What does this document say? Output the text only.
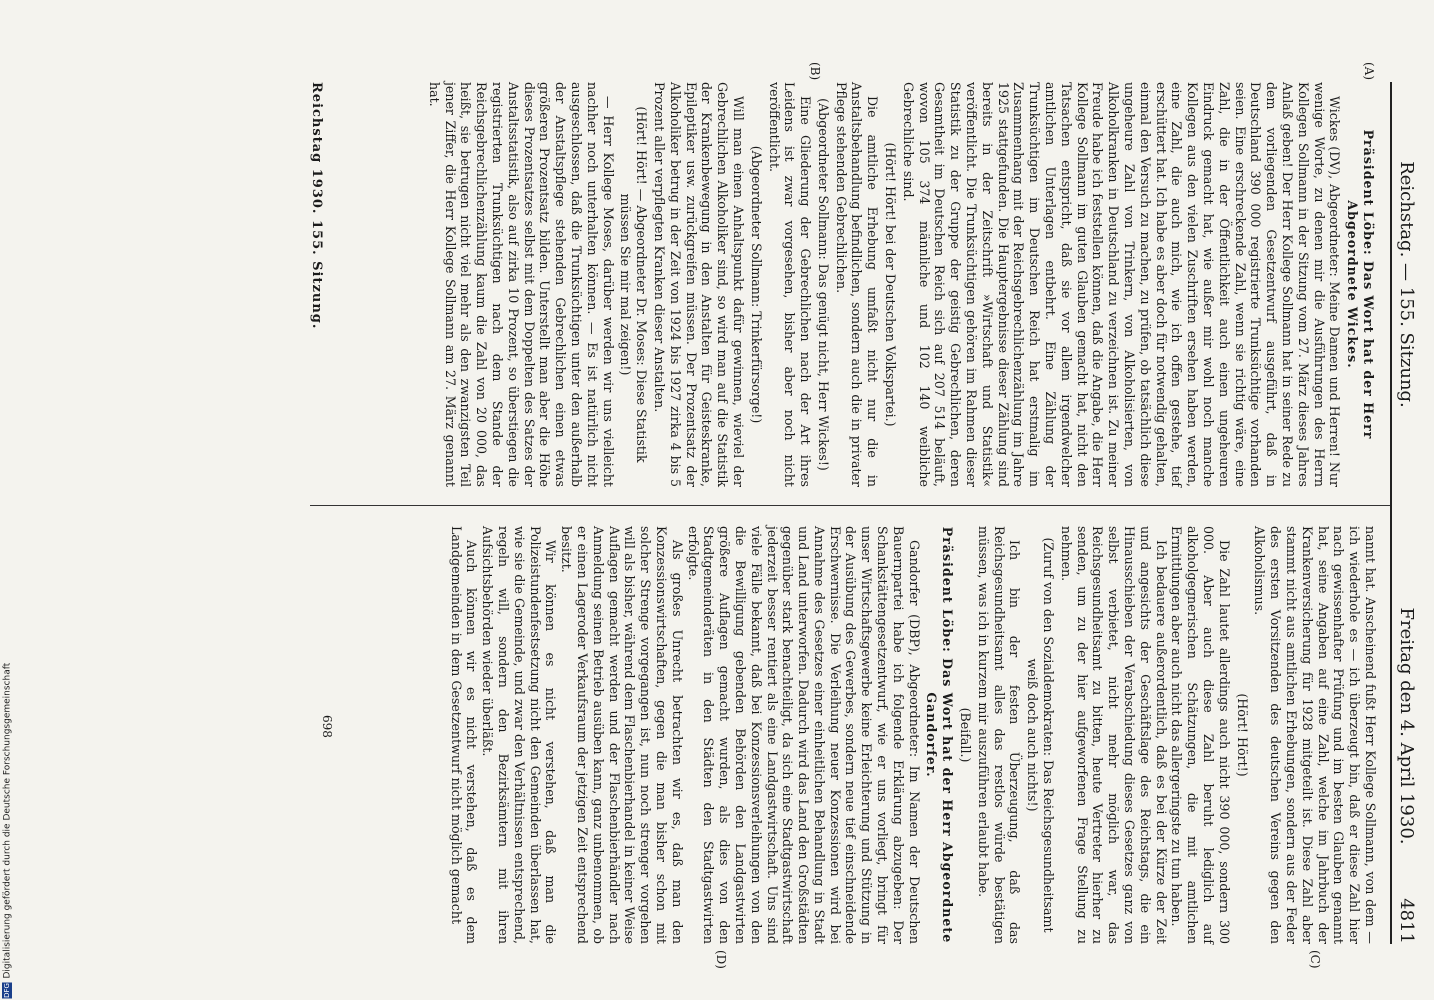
Reichstag. — 155. Sitzung.
Freitag den 4. April 1930.
4811
(A)
(B)
(C)
(D)

Präsident Löbe: Das Wort hat der Herr Abgeordnete Wickes.

Wickes (DV), Abgeordneter: Meine Damen und Herren! Nur wenige Worte, zu denen mir die Ausführungen des Herrn Kollegen Sollmann in der Sitzung vom 27. März dieses Jahres Anlaß geben! Der Herr Kollege Sollmann hat in seiner Rede zu dem vorliegenden Gesetzentwurf ausgeführt, daß in Deutschland 390 000 registrierte Trunksüchtige vorhanden seien. Eine erschreckende Zahl, wenn sie richtig wäre, eine Zahl, die in der Öffentlichkeit auch einen ungeheuren Eindruck gemacht hat, wie außer mir wohl noch manche Kollegen aus den vielen Zuschriften ersehen haben werden, eine Zahl, die auch mich, wie ich offen gestehe, tief erschüttert hat. Ich habe es aber doch für notwendig gehalten, einmal den Versuch zu machen, zu prüfen, ob tatsächlich diese ungeheure Zahl von Trinkern, von Alkoholisierten, von Alkoholkranken in Deutschland zu verzeichnen ist. Zu meiner Freude habe ich feststellen können, daß die Angabe, die Herr Kollege Sollmann im guten Glauben gemacht hat, nicht den Tatsachen entspricht, daß sie vor allem irgendwelcher amtlichen Unterlagen entbehrt. Eine Zählung der Trunksüchtigen im Deutschen Reich hat erstmalig im Zusammenhang mit der Reichsgebrechlichenzählung im Jahre 1925 stattgefunden. Die Hauptergebnisse dieser Zählung sind bereits in der Zeitschrift »Wirtschaft und Statistik« veröffentlicht. Die Trunksüchtigen gehören im Rahmen dieser Statistik zu der Gruppe der geistig Gebrechlichen, deren Gesamtheit im Deutschen Reich sich auf 207 514 beläuft, wovon 105 374 männliche und 102 140 weibliche Gebrechliche sind.

(Hört! Hört! bei der Deutschen Volkspartei.)

Die amtliche Erhebung umfaßt nicht nur die in Anstaltsbehandlung befindlichen, sondern auch die in privater Pflege stehenden Gebrechlichen.

(Abgeordneter Sollmann: Das genügt nicht, Herr Wickes!)

Eine Gliederung der Gebrechlichen nach der Art ihres Leidens ist zwar vorgesehen, bisher aber noch nicht veröffentlicht.

(Abgeordneter Sollmann: Trinkerfürsorge!)

Will man einen Anhaltspunkt dafür gewinnen, wieviel der Gebrechlichen Alkoholiker sind, so wird man auf die Statistik der Krankenbewegung in den Anstalten für Geisteskranke, Epileptiker usw. zurückgreifen müssen. Der Prozentsatz der Alkoholiker betrug in der Zeit von 1924 bis 1927 zirka 4 bis 5 Prozent aller verpflegten Kranken dieser Anstalten.

(Hört! Hört! — Abgeordneter Dr. Moses: Diese Statistik müssen Sie mir mal zeigen!)

— Herr Kollege Moses, darüber werden wir uns vielleicht nachher noch unterhalten können. — Es ist natürlich nicht ausgeschlossen, daß die Trunksüchtigen unter den außerhalb der Anstaltspflege stehenden Gebrechlichen einen etwas größeren Prozentsatz bilden. Unterstellt man aber die Höhe dieses Prozentsatzes selbst mit dem Doppelten des Satzes der Anstaltsstatistik, also auf zirka 10 Prozent, so überstiegen die registrierten Trunksüchtigen nach dem Stande der Reichsgebrechlichenzählung kaum die Zahl von 20 000, das heißt, sie betrugen nicht viel mehr als den zwanzigsten Teil jener Ziffer, die Herr Kollege Sollmann am 27. März genannt hat.

nannt hat. Anscheinend fußt Herr Kollege Sollmann, von dem — ich wiederhole es — ich überzeugt bin, daß er diese Zahl hier nach gewissenhafter Prüfung und im besten Glauben genannt hat, seine Angaben auf eine Zahl, welche im Jahrbuch der Krankenversicherung für 1928 mitgeteilt ist. Diese Zahl aber stammt nicht aus amtlichen Erhebungen, sondern aus der Feder des ersten Vorsitzenden des deutschen Vereins gegen den Alkoholismus.

(Hört! Hört!)

Die Zahl lautet allerdings auch nicht 390 000, sondern 300 000. Aber auch diese Zahl beruht lediglich auf alkoholgegnerischen Schätzungen, die mit amtlichen Ermittlungen aber auch nicht das allergeringste zu tun haben.

Ich bedauere außerordentlich, daß es bei der Kürze der Zeit und angesichts der Geschäftslage des Reichstags, die ein Hinausschieben der Verabschiedung dieses Gesetzes ganz von selbst verbietet, nicht mehr möglich war, das Reichsgesundheitsamt zu bitten, heute Vertreter hierher zu senden, um zu der hier aufgeworfenen Frage Stellung zu nehmen.

(Zuruf von den Sozialdemokraten: Das Reichsgesundheitsamt weiß doch auch nichts!)

Ich bin der festen Überzeugung, daß das Reichsgesundheitsamt alles das restlos würde bestätigen müssen, was ich in kurzem mir auszuführen erlaubt habe.

(Beifall.)

Präsident Löbe: Das Wort hat der Herr Abgeordnete Gandorfer.

Gandorfer (DBP), Abgeordneter: Im Namen der Deutschen Bauernpartei habe ich folgende Erklärung abzugeben: Der Schankstättengesetzentwurf, wie er uns vorliegt, bringt für unser Wirtschaftsgewerbe keine Erleichterung und Stützung in der Ausübung des Gewerbes, sondern neue tief einschneidende Erschwernisse. Die Verleihung neuer Konzessionen wird bei Annahme des Gesetzes einer einheitlichen Behandlung in Stadt und Land unterworfen. Dadurch wird das Land den Großstädten gegenüber stark benachteiligt, da sich eine Stadtgastwirtschaft jederzeit besser rentiert als eine Landgastwirtschaft. Uns sind viele Fälle bekannt, daß bei Konzessionsverleihungen von den die Bewilligung gebenden Behörden den Landgastwirten größere Auflagen gemacht wurden, als dies von den Stadtgemeinderäten in den Städten den Stadtgastwirten erfolgte.

Als großes Unrecht betrachten wir es, daß man den Konzessionswirtschaften, gegen die man bisher schon mit solcher Strenge vorgegangen ist, nun noch strenger vorgehen will als bisher, während dem Flaschenbierhandel in keiner Weise Auflagen gemacht werden und der Flaschenbierhändler nach Anmeldung seinen Betrieb ausüben kann, ganz unbenommen, ob er einen Lageroder Verkaufsraum der jetzigen Zeit entsprechend besitzt.

Wir können es nicht verstehen, daß man die Polizeistundenfestsetzung nicht den Gemeinden überlassen hat, wie sie die Gemeinde, und zwar den Verhältnissen entsprechend, regeln will, sondern den Bezirksämtern mit ihren Aufsichtsbehörden wieder überläßt.

Auch können wir es nicht verstehen, daß es dem Landgemeinden in dem Gesetzentwurf nicht möglich gemacht

Reichstag 1930. 155. Sitzung.
698
DFGDigitalisierung gefördert durch die Deutsche Forschungsgemeinschaft
